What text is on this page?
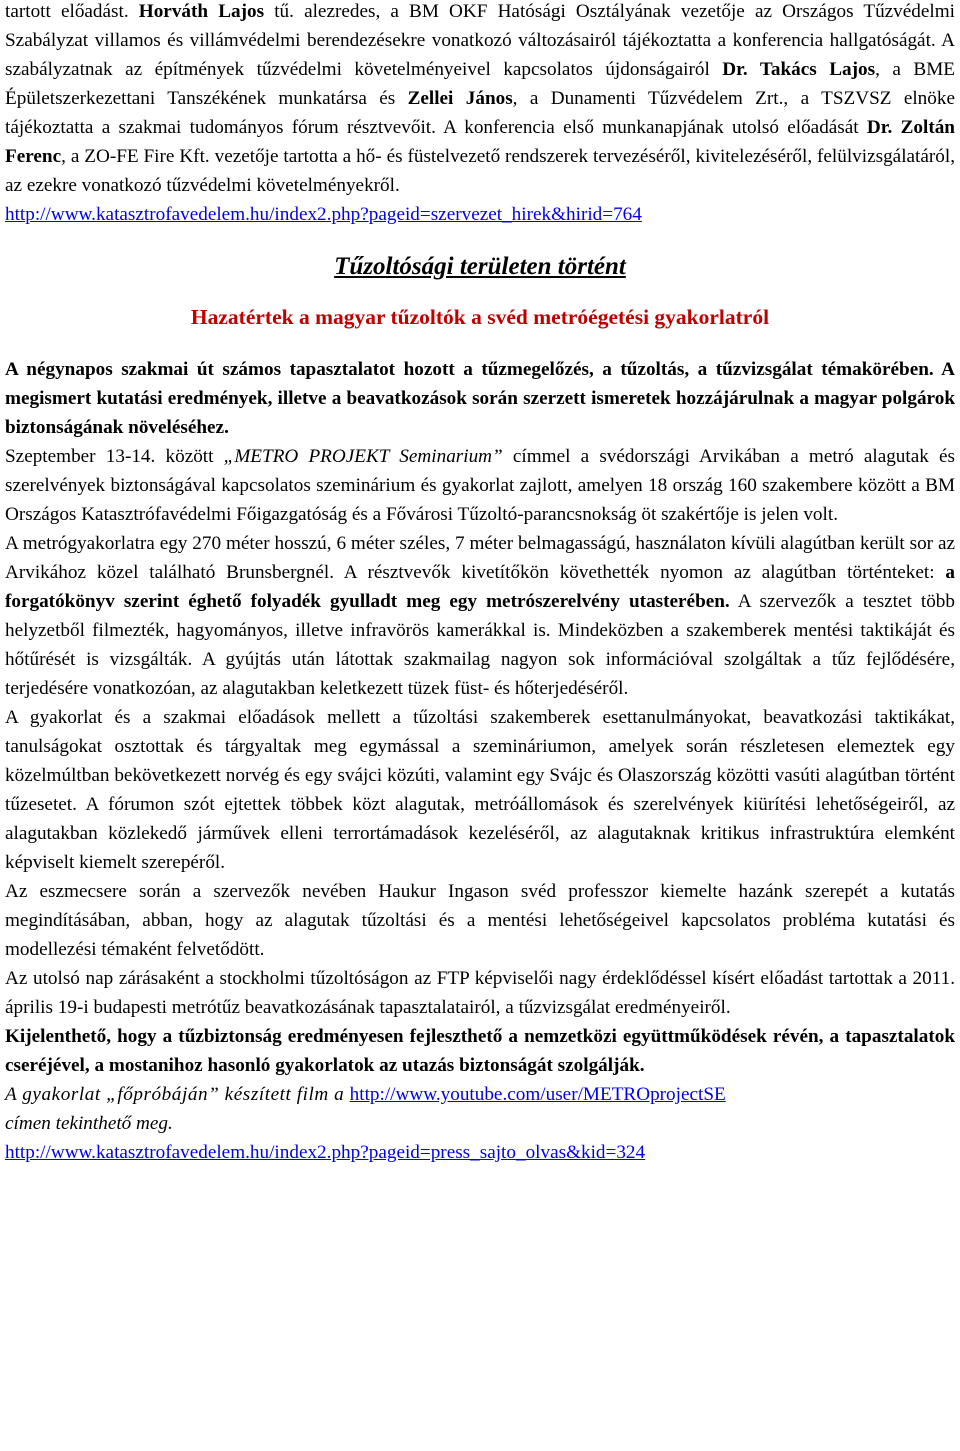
tartott előadást. Horváth Lajos tű. alezredes, a BM OKF Hatósági Osztályának vezetője az Országos Tűzvédelmi Szabályzat villamos és villámvédelmi berendezésekre vonatkozó változásairól tájékoztatta a konferencia hallgatóságát. A szabályzatnak az építmények tűzvédelmi követelményeivel kapcsolatos újdonságairól Dr. Takács Lajos, a BME Épületszerkezettani Tanszékének munkatársa és Zellei János, a Dunamenti Tűzvédelem Zrt., a TSZVSZ elnöke tájékoztatta a szakmai tudományos fórum résztvevőit. A konferencia első munkanapjának utolsó előadását Dr. Zoltán Ferenc, a ZO-FE Fire Kft. vezetője tartotta a hő- és füstelvezető rendszerek tervezéséről, kivitelezéséről, felülvizsgálatáról, az ezekre vonatkozó tűzvédelmi követelményekről.

http://www.katasztrofavedelem.hu/index2.php?pageid=szervezet_hirek&hirid=764

Tűzoltósági területen történt
Hazatértek a magyar tűzoltók a svéd metróégetési gyakorlatról

A négynapos szakmai út számos tapasztalatot hozott a tűzmegelőzés, a tűzoltás, a tűzvizsgálat témakörében. A megismert kutatási eredmények, illetve a beavatkozások során szerzett ismeretek hozzájárulnak a magyar polgárok biztonságának növeléséhez.

Szeptember 13-14. között „METRO PROJEKT Seminarium” címmel a svédországi Arvikában a metró alagutak és szerelvények biztonságával kapcsolatos szeminárium és gyakorlat zajlott, amelyen 18 ország 160 szakembere között a BM Országos Katasztrófavédelmi Főigazgatóság és a Fővárosi Tűzoltó-parancsnokság öt szakértője is jelen volt.

A metrógyakorlatra egy 270 méter hosszú, 6 méter széles, 7 méter belmagasságú, használaton kívüli alagútban került sor az Arvikához közel található Brunsbergnél. A résztvevők kivetítőkön követhették nyomon az alagútban történteket: a forgatókönyv szerint éghető folyadék gyulladt meg egy metrószerelvény utasterében. A szervezők a tesztet több helyzetből filmezték, hagyományos, illetve infravörös kamerákkal is. Mindeközben a szakemberek mentési taktikáját és hőtűrését is vizsgálták. A gyújtás után látottak szakmailag nagyon sok információval szolgáltak a tűz fejlődésére, terjedésére vonatkozóan, az alagutakban keletkezett tüzek füst- és hőterjedéséről.

A gyakorlat és a szakmai előadások mellett a tűzoltási szakemberek esettanulmányokat, beavatkozási taktikákat, tanulságokat osztottak és tárgyaltak meg egymással a szemináriumon, amelyek során részletesen elemeztek egy közelmúltban bekövetkezett norvég és egy svájci közúti, valamint egy Svájc és Olaszország közötti vasúti alagútban történt tűzesetet. A fórumon szót ejtettek többek közt alagutak, metróállomások és szerelvények kiürítési lehetőségeiről, az alagutakban közlekedő járművek elleni terrortámadások kezeléséről, az alagutaknak kritikus infrastruktúra elemként képviselt kiemelt szerepéről.

Az eszmecsere során a szervezők nevében Haukur Ingason svéd professzor kiemelte hazánk szerepét a kutatás megindításában, abban, hogy az alagutak tűzoltási és a mentési lehetőségeivel kapcsolatos probléma kutatási és modellezési témaként felvetődött.

Az utolsó nap zárásaként a stockholmi tűzoltóságon az FTP képviselői nagy érdeklődéssel kísért előadást tartottak a 2011. április 19-i budapesti metrótűz beavatkozásának tapasztalatairól, a tűzvizsgálat eredményeiről.

Kijelenthető, hogy a tűzbiztonság eredményesen fejleszthető a nemzetközi együttműködések révén, a tapasztalatok cseréjével, a mostanihoz hasonló gyakorlatok az utazás biztonságát szolgálják.

A gyakorlat „főpróbáján” készített film a http://www.youtube.com/user/METROprojectSE
címen tekinthető meg.

http://www.katasztrofavedelem.hu/index2.php?pageid=press_sajto_olvas&kid=324
